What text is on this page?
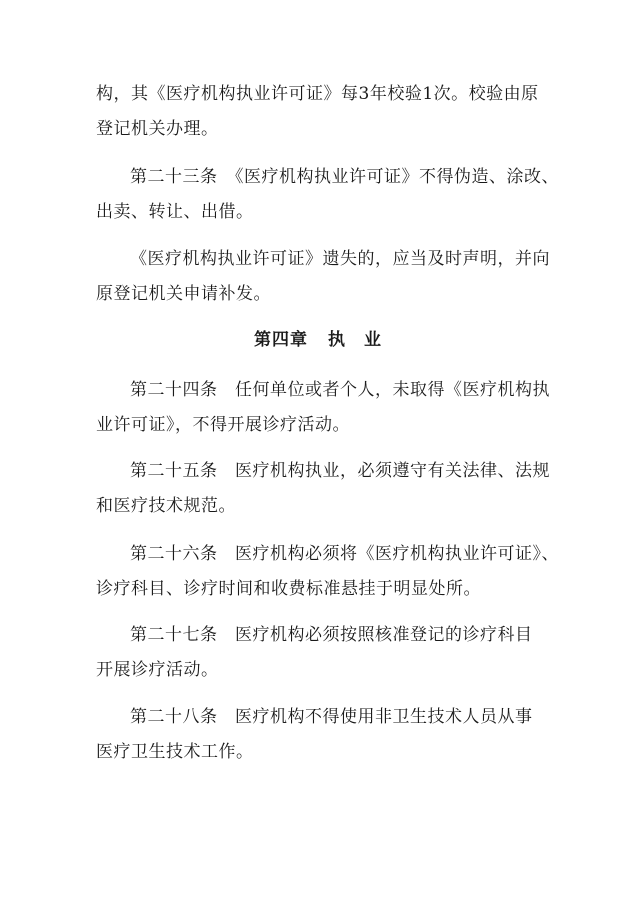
构，其《医疗机构执业许可证》每3年校验1次。校验由原
登记机关办理。
第二十三条　《医疗机构执业许可证》不得伪造、涂改、
出卖、转让、出借。
《医疗机构执业许可证》遗失的，应当及时声明，并向
原登记机关申请补发。
第四章 执　业
第二十四条　任何单位或者个人，未取得《医疗机构执
业许可证》，不得开展诊疗活动。
第二十五条　医疗机构执业，必须遵守有关法律、法规
和医疗技术规范。
第二十六条　医疗机构必须将《医疗机构执业许可证》、
诊疗科目、诊疗时间和收费标准悬挂于明显处所。
第二十七条　医疗机构必须按照核准登记的诊疗科目
开展诊疗活动。
第二十八条　医疗机构不得使用非卫生技术人员从事
医疗卫生技术工作。
